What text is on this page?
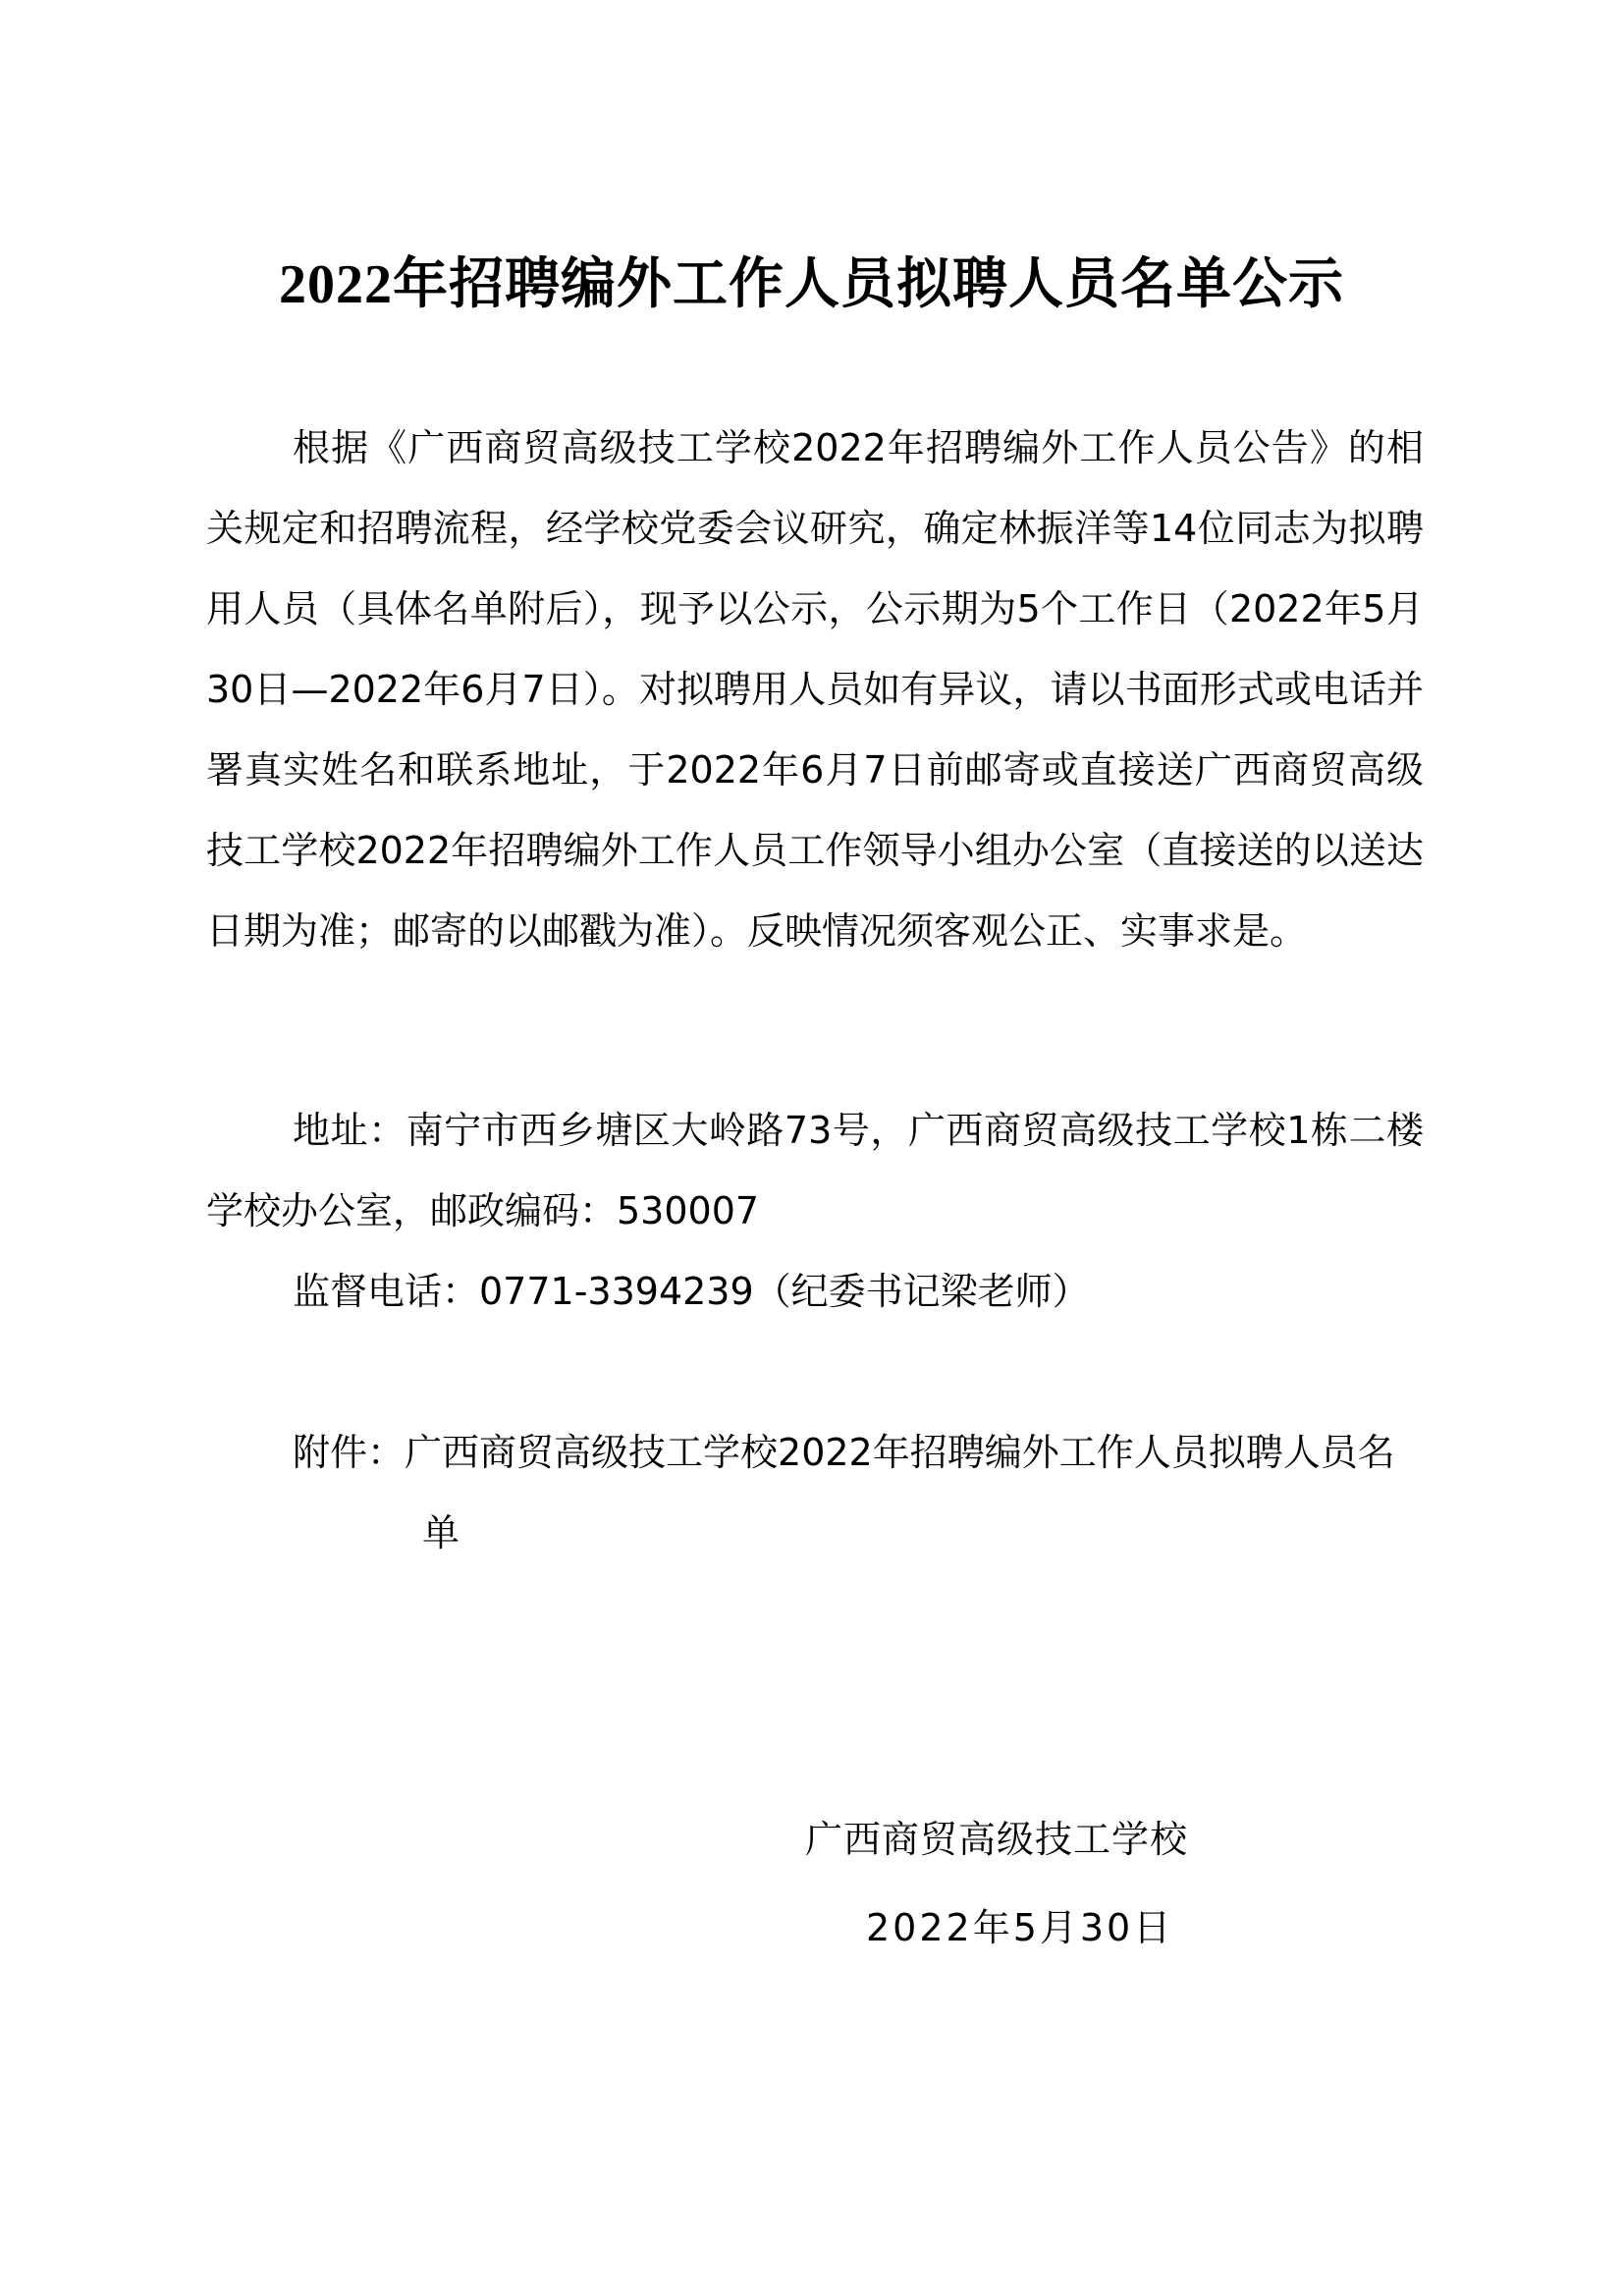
2022年招聘编外工作人员拟聘人员名单公示

根据《广西商贸高级技工学校2022年招聘编外工作人员公告》的相关规定和招聘流程，经学校党委会议研究，确定林振洋等14位同志为拟聘用人员（具体名单附后），现予以公示，公示期为5个工作日（2022年5月30日—2022年6月7日）。对拟聘用人员如有异议，请以书面形式或电话并署真实姓名和联系地址，于2022年6月7日前邮寄或直接送广西商贸高级技工学校2022年招聘编外工作人员工作领导小组办公室（直接送的以送达日期为准；邮寄的以邮戳为准）。反映情况须客观公正、实事求是。

地址：南宁市西乡塘区大岭路73号，广西商贸高级技工学校1栋二楼学校办公室，邮政编码：530007

监督电话：0771-3394239（纪委书记梁老师）

附件：广西商贸高级技工学校2022年招聘编外工作人员拟聘人员名单
广西商贸高级技工学校
2022年5月30日
